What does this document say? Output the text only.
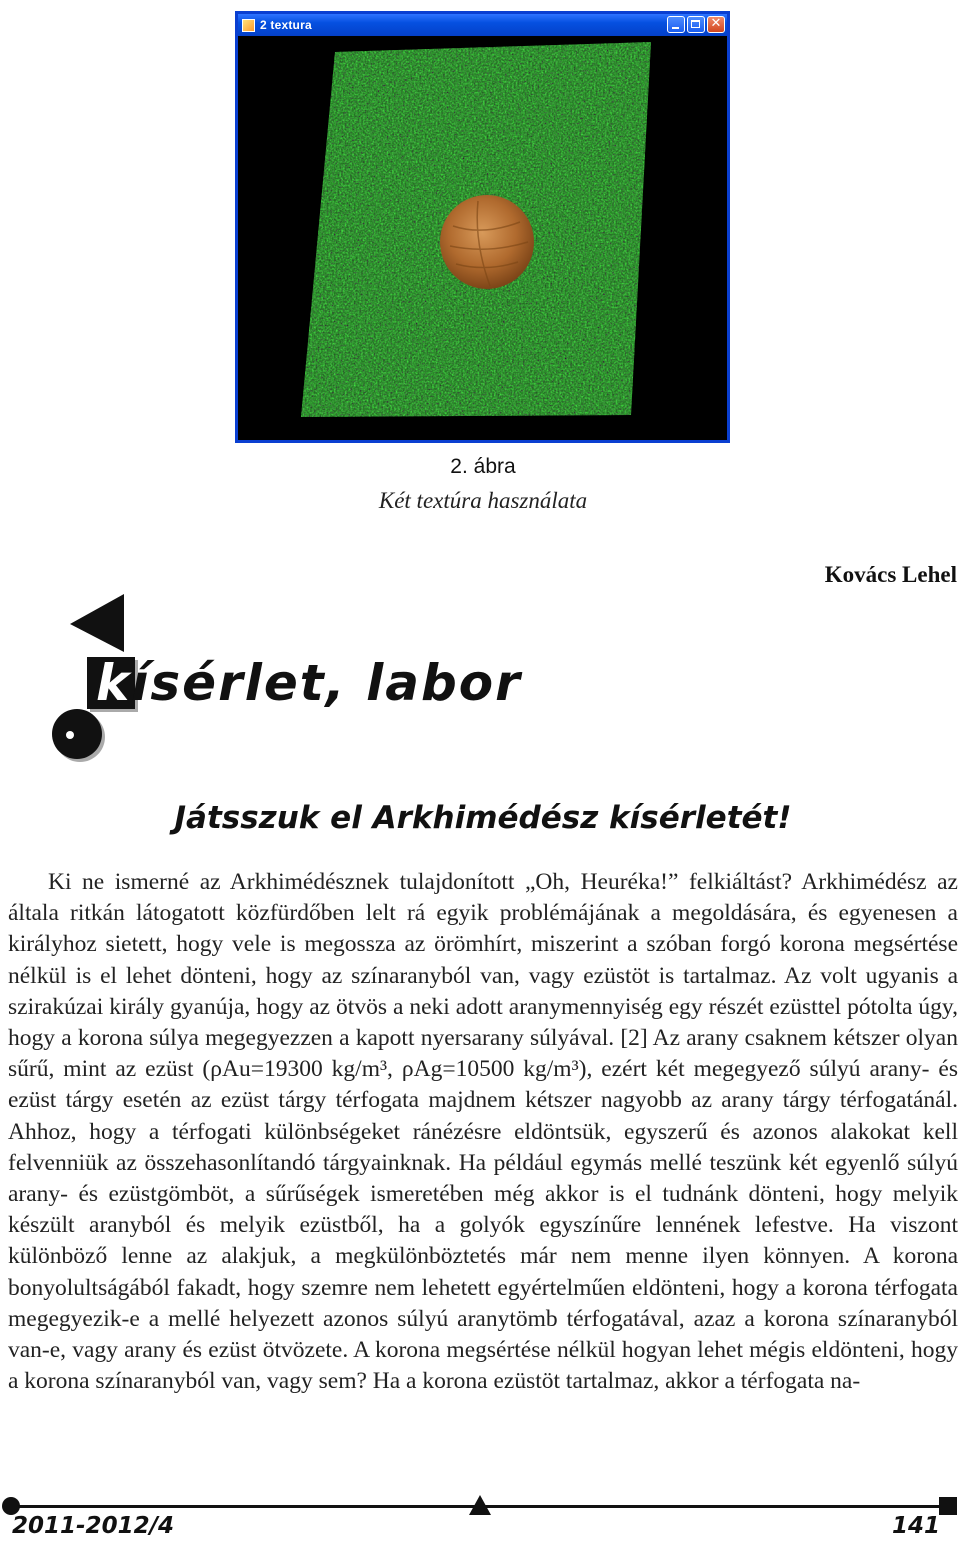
2 textura	✕
2. ábra
Két textúra használata
Kovács Lehel
kísérlet, labor
Játsszuk el Arkhimédész kísérletét!

Ki ne ismerné az Arkhimédésznek tulajdonított „Oh, Heuréka!” felkiáltást? Arkhimédész az általa ritkán látogatott közfürdőben lelt rá egyik problémájának a megoldására, és egyenesen a királyhoz sietett, hogy vele is megossza az örömhírt, miszerint a szóban forgó korona megsértése nélkül is el lehet dönteni, hogy az színaranyból van, vagy ezüstöt is tartalmaz. Az volt ugyanis a szirakúzai király gyanúja, hogy az ötvös a neki adott aranymennyiség egy részét ezüsttel pótolta úgy, hogy a korona súlya megegyezzen a kapott nyersarany súlyával. [2] Az arany csaknem kétszer olyan sűrű, mint az ezüst (ρAu=19300 kg/m³, ρAg=10500 kg/m³), ezért két megegyező súlyú arany- és ezüst tárgy esetén az ezüst tárgy térfogata majdnem kétszer nagyobb az arany tárgy térfogatánál. Ahhoz, hogy a térfogati különbségeket ránézésre eldöntsük, egyszerű és azonos alakokat kell felvenniük az összehasonlítandó tárgyainknak. Ha például egymás mellé teszünk két egyenlő súlyú arany- és ezüstgömböt, a sűrűségek ismeretében még akkor is el tudnánk dönteni, hogy melyik készült aranyból és melyik ezüstből, ha a golyók egyszínűre lennének lefestve. Ha viszont különböző lenne az alakjuk, a megkülönböztetés már nem menne ilyen könnyen. A korona bonyolultságából fakadt, hogy szemre nem lehetett egyértelműen eldönteni, hogy a korona térfogata megegyezik-e a mellé helyezett azonos súlyú aranytömb térfogatával, azaz a korona színaranyból van-e, vagy arany és ezüst ötvözete. A korona megsértése nélkül hogyan lehet mégis eldönteni, hogy a korona színaranyból van, vagy sem? Ha a korona ezüstöt tartalmaz, akkor a térfogata na-

2011-2012/4	141
